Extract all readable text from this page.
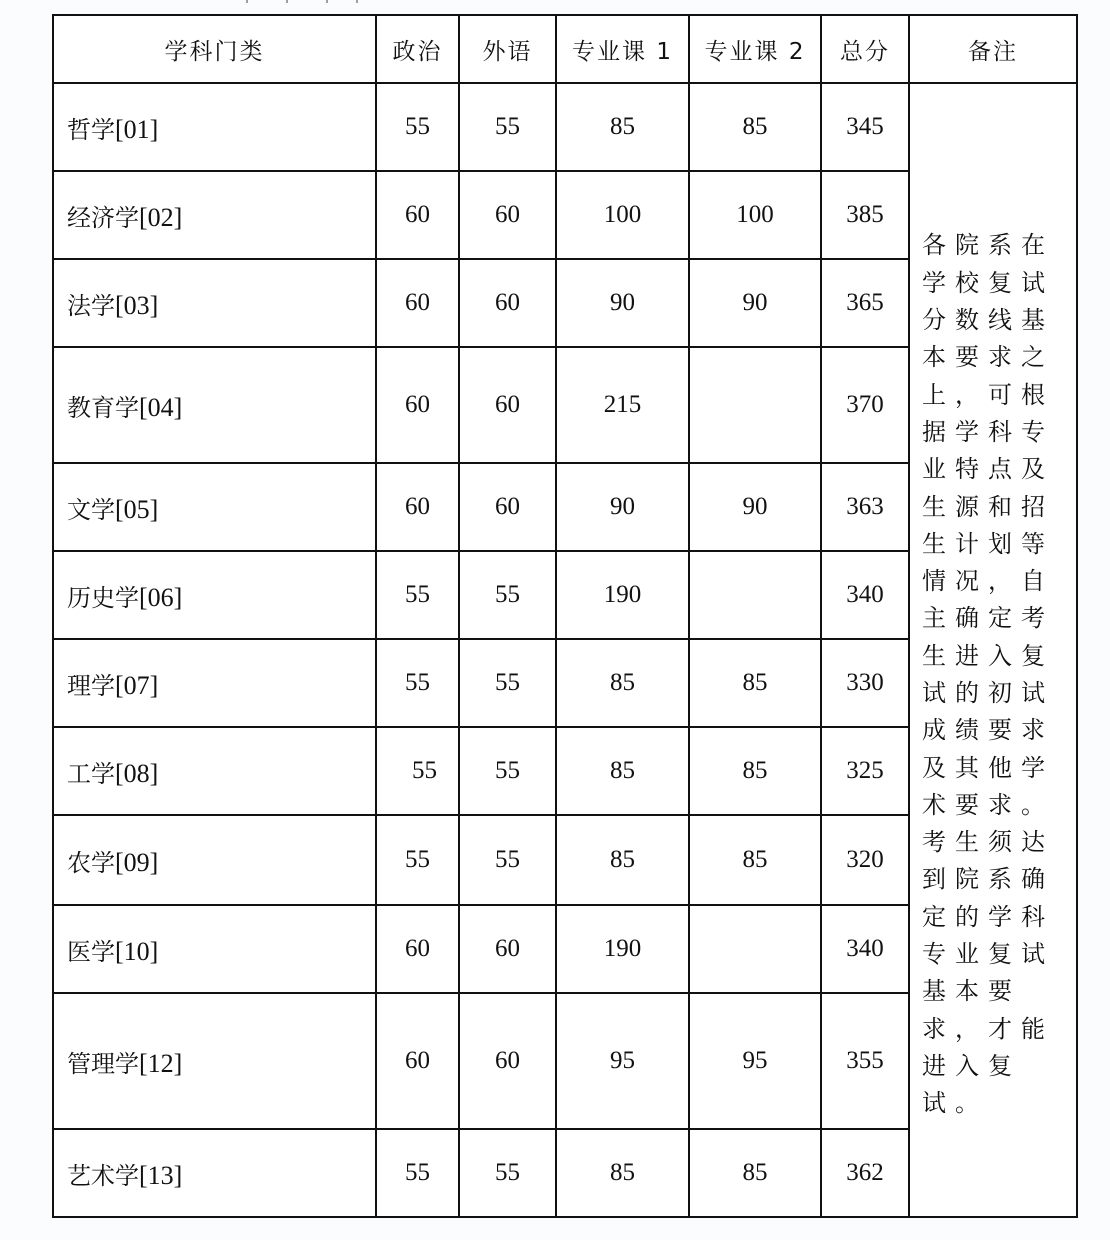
学科门类	政治	外语	专业课 1	专业课 2	总分	备注
哲学[01]	55	55	85	85	345	各院系在学校复试分数线基本要求之上，可根据学科专业特点及生源和招生计划等情况，自主确定考生进入复试的初试成绩要求及其他学术要求。考生须达到院系确定的学科专业复试基本要求，才能进入复试。

经济学[02]	60	60	100	100	385	
法学[03]	60	60	90	90	365	
教育学[04]	60	60	215		370	
文学[05]	60	60	90	90	363	
历史学[06]	55	55	190		340	
理学[07]	55	55	85	85	330	
工学[08]	55	55	85	85	325	
农学[09]	55	55	85	85	320	
医学[10]	60	60	190		340	
管理学[12]	60	60	95	95	355	
艺术学[13]	55	55	85	85	362	
